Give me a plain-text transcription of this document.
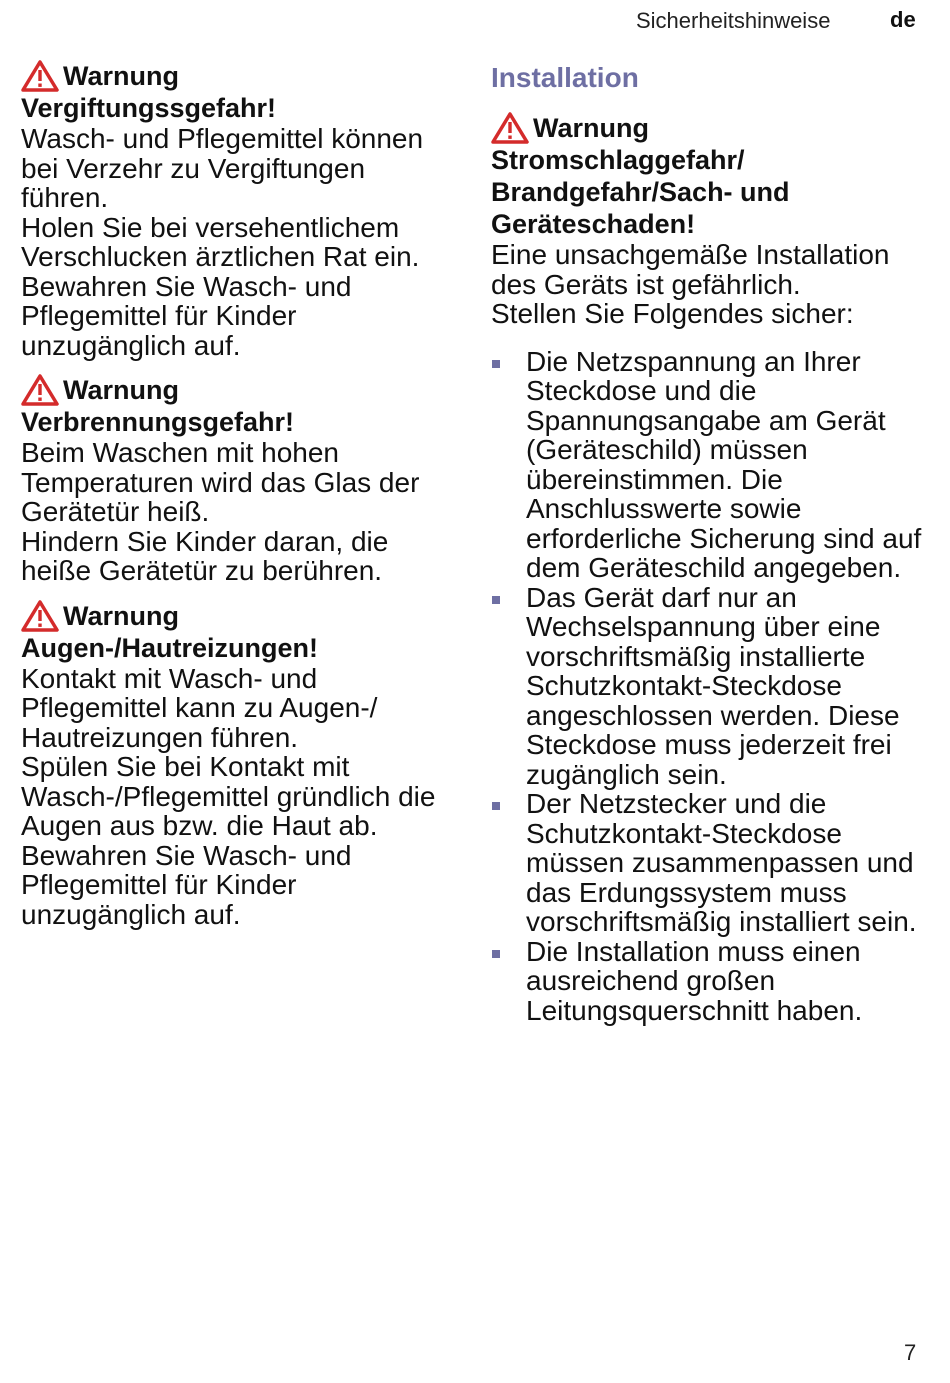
Sicherheitshinweise	de
Warnung

Vergiftungssgefahr!

Wasch- und Pflegemittel können bei Verzehr zu Vergiftungen führen.

Holen Sie bei versehentlichem Verschlucken ärztlichen Rat ein. Bewahren Sie Wasch- und Pflegemittel für Kinder unzugänglich auf.

Warnung

Verbrennungsgefahr!

Beim Waschen mit hohen Temperaturen wird das Glas der Gerätetür heiß.

Hindern Sie Kinder daran, die heiße Gerätetür zu berühren.

Warnung

Augen-/Hautreizungen!

Kontakt mit Wasch- und Pflegemittel kann zu Augen-/ Hautreizungen führen.

Spülen Sie bei Kontakt mit Wasch-/Pflegemittel gründlich die Augen aus bzw. die Haut ab. Bewahren Sie Wasch- und Pflegemittel für Kinder unzugänglich auf.

Installation
Warnung

Stromschlaggefahr/ Brandgefahr/Sach- und Geräteschaden!

Eine unsachgemäße Installation des Geräts ist gefährlich.

Stellen Sie Folgendes sicher:

Die Netzspannung an Ihrer Steckdose und die Spannungsangabe am Gerät (Geräteschild) müssen übereinstimmen. Die Anschlusswerte sowie erforderliche Sicherung sind auf dem Geräteschild angegeben.
Das Gerät darf nur an Wechselspannung über eine vorschriftsmäßig installierte Schutzkontakt-Steckdose angeschlossen werden. Diese Steckdose muss jederzeit frei zugänglich sein.
Der Netzstecker und die Schutzkontakt-Steckdose müssen zusammenpassen und das Erdungssystem muss vorschriftsmäßig installiert sein.
Die Installation muss einen ausreichend großen Leitungsquerschnitt haben.
7
